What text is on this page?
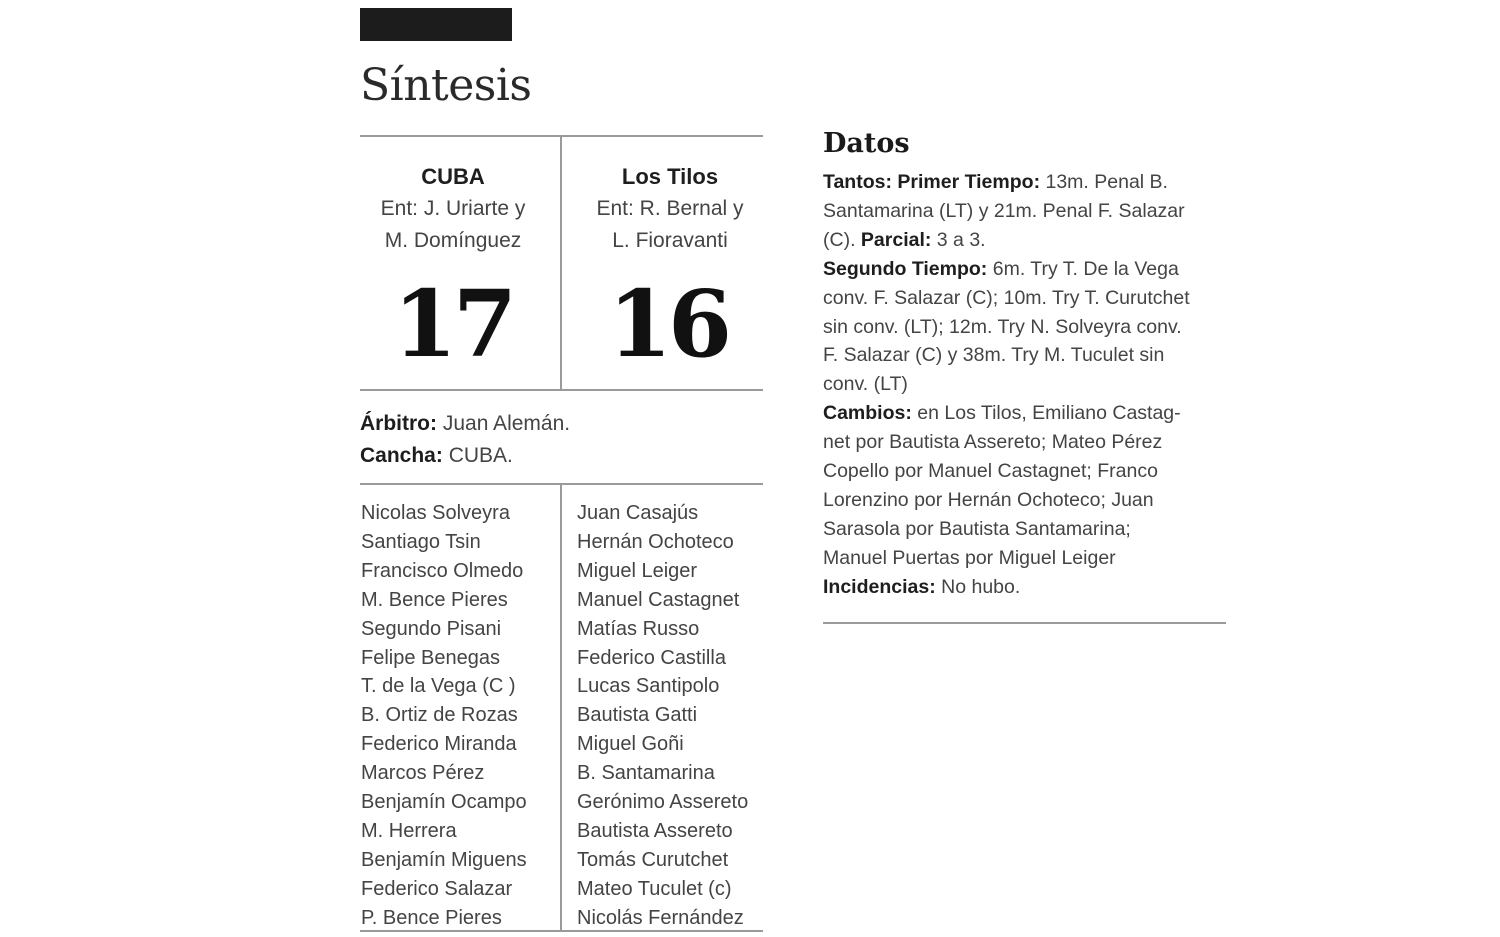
Síntesis
CUBA
Ent: J. Uriarte y
M. Domínguez
17
Los Tilos
Ent: R. Bernal y
L. Fioravanti
16
Árbitro: Juan Alemán.
Cancha: CUBA.
Nicolas Solveyra
Santiago Tsin
Francisco Olmedo
M. Bence Pieres
Segundo Pisani
Felipe Benegas
T. de la Vega (C )
B. Ortiz de Rozas
Federico Miranda
Marcos Pérez
Benjamín Ocampo
M. Herrera
Benjamín Miguens
Federico Salazar
P. Bence Pieres
Juan Casajús
Hernán Ochoteco
Miguel Leiger
Manuel Castagnet
Matías Russo
Federico Castilla
Lucas Santipolo
Bautista Gatti
Miguel Goñi
B. Santamarina
Gerónimo Assereto
Bautista Assereto
Tomás Curutchet
Mateo Tuculet (c)
Nicolás Fernández
Datos
Tantos: Primer Tiempo: 13m. Penal B.
Santamarina (LT) y 21m. Penal F. Salazar
(C). Parcial: 3 a 3.
Segundo Tiempo: 6m. Try T. De la Vega
conv. F. Salazar (C); 10m. Try T. Curutchet
sin conv. (LT); 12m. Try N. Solveyra conv.
F. Salazar (C) y 38m. Try M. Tuculet sin
conv. (LT)
Cambios: en Los Tilos, Emiliano Castag-
net por Bautista Assereto; Mateo Pérez
Copello por Manuel Castagnet; Franco
Lorenzino por Hernán Ochoteco; Juan
Sarasola por Bautista Santamarina;
Manuel Puertas por Miguel Leiger
Incidencias: No hubo.
